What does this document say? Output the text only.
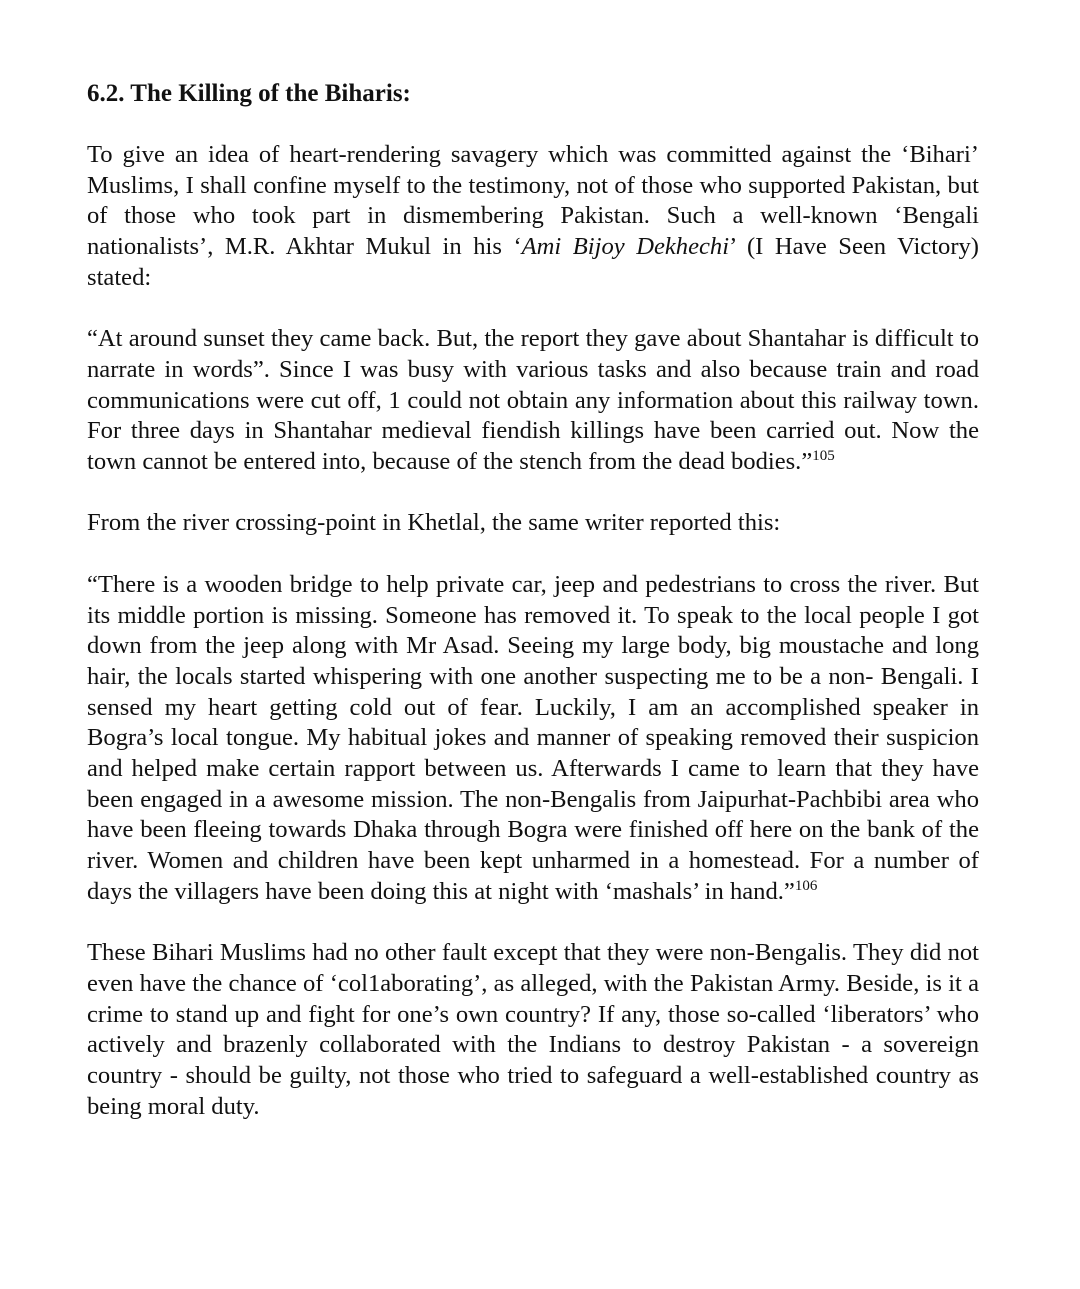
6.2. The Killing of the Biharis:

To give an idea of heart-rendering savagery which was committed against the ‘Bihari’ Muslims, I shall confine myself to the testimony, not of those who supported Pakistan, but of those who took part in dismembering Pakistan. Such a well-known ‘Bengali nationalists’, M.R. Akhtar Mukul in his ‘Ami Bijoy Dekhechi’ (I Have Seen Victory) stated:

“At around sunset they came back. But, the report they gave about Shantahar is difficult to narrate in words”. Since I was busy with various tasks and also because train and road communications were cut off, 1 could not obtain any information about this railway town. For three days in Shantahar medieval fiendish killings have been carried out. Now the town cannot be entered into, because of the stench from the dead bodies.”$^{105}$

From the river crossing-point in Khetlal, the same writer reported this:

“There is a wooden bridge to help private car, jeep and pedestrians to cross the river. But its middle portion is missing. Someone has removed it. To speak to the local people I got down from the jeep along with Mr Asad. Seeing my large body, big moustache and long hair, the locals started whispering with one another suspecting me to be a non- Bengali. I sensed my heart getting cold out of fear. Luckily, I am an accomplished speaker in Bogra’s local tongue. My habitual jokes and manner of speaking removed their suspicion and helped make certain rapport between us. Afterwards I came to learn that they have been engaged in a awesome mission. The non-Bengalis from Jaipurhat-Pachbibi area who have been fleeing towards Dhaka through Bogra were finished off here on the bank of the river. Women and children have been kept unharmed in a homestead. For a number of days the villagers have been doing this at night with ‘mashals’ in hand.”$^{106}$

These Bihari Muslims had no other fault except that they were non-Bengalis. They did not even have the chance of ‘col1aborating’, as alleged, with the Pakistan Army. Beside, is it a crime to stand up and fight for one’s own country? If any, those so-called ‘liberators’ who actively and brazenly collaborated with the Indians to destroy Pakistan - a sovereign country - should be guilty, not those who tried to safeguard a well-established country as being moral duty.
